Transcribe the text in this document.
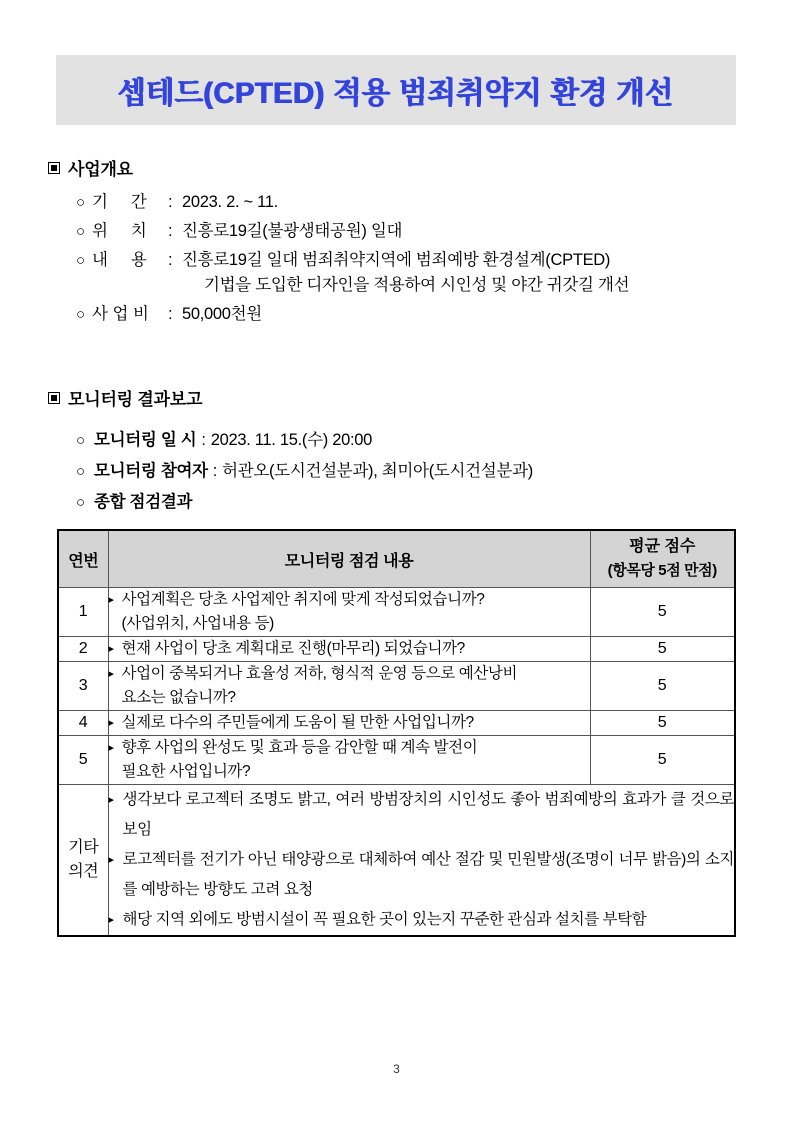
셉테드(CPTED) 적용 범죄취약지 환경 개선
사업개요
○ 기     간	: 2023. 2. ~ 11.
○ 위     치	: 진흥로19길(불광생태공원) 일대
○ 내     용	: 진흥로19길 일대 범죄취약지역에 범죄예방 환경설계(CPTED)
기법을 도입한 디자인을 적용하여 시인성 및 야간 귀갓길 개선
○ 사 업 비	: 50,000천원
모니터링 결과보고
○ 모니터링 일 시 : 2023. 11. 15.(수) 20:00
○ 모니터링 참여자 : 허관오(도시건설분과), 최미아(도시건설분과)
○ 종합 점검결과
연번	모니터링 점검 내용	평균 점수
(항목당 5점 만점)

1	▸ 사업계획은 당초 사업제안 취지에 맞게 작성되었습니까?
(사업위치, 사업내용 등)	5
2	▸ 현재 사업이 당초 계획대로 진행(마무리) 되었습니까?	5
3	▸ 사업이 중복되거나 효율성 저하, 형식적 운영 등으로 예산낭비
요소는 없습니까?	5
4	▸ 실제로 다수의 주민들에게 도움이 될 만한 사업입니까?	5
5	▸ 향후 사업의 완성도 및 효과 등을 감안할 때 계속 발전이
필요한 사업입니까?	5
기타
의견	
▸ 생각보다 로고젝터 조명도 밝고, 여러 방범장치의 시인성도 좋아 범죄예방의 효과가 클 것으로 보임
▸ 로고젝터를 전기가 아닌 태양광으로 대체하여 예산 절감 및 민원발생(조명이 너무 밝음)의 소지를 예방하는 방향도 고려 요청
▸ 해당 지역 외에도 방범시설이 꼭 필요한 곳이 있는지 꾸준한 관심과 설치를 부탁함
3
